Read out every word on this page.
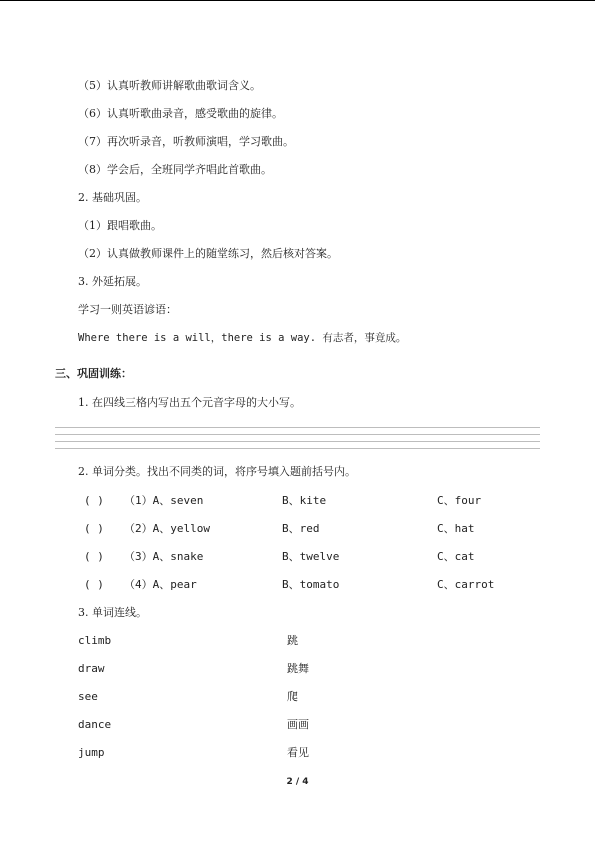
（5）认真听教师讲解歌曲歌词含义。
（6）认真听歌曲录音，感受歌曲的旋律。
（7）再次听录音，听教师演唱，学习歌曲。
（8）学会后，全班同学齐唱此首歌曲。
2. 基础巩固。
（1）跟唱歌曲。
（2）认真做教师课件上的随堂练习，然后核对答案。
3. 外延拓展。
学习一则英语谚语：
Where there is a will，there is a way. 有志者，事竟成。
三、巩固训练：
1. 在四线三格内写出五个元音字母的大小写。
2. 单词分类。找出不同类的词，将序号填入题前括号内。
( ) （1）A、seven	B、kite	C、four
( ) （2）A、yellow	B、red	C、hat
( ) （3）A、snake	B、twelve	C、cat
( ) （4）A、pear	B、tomato	C、carrot
3. 单词连线。
climb	跳
draw	跳舞
see	爬
dance	画画
jump	看见
2 / 4
